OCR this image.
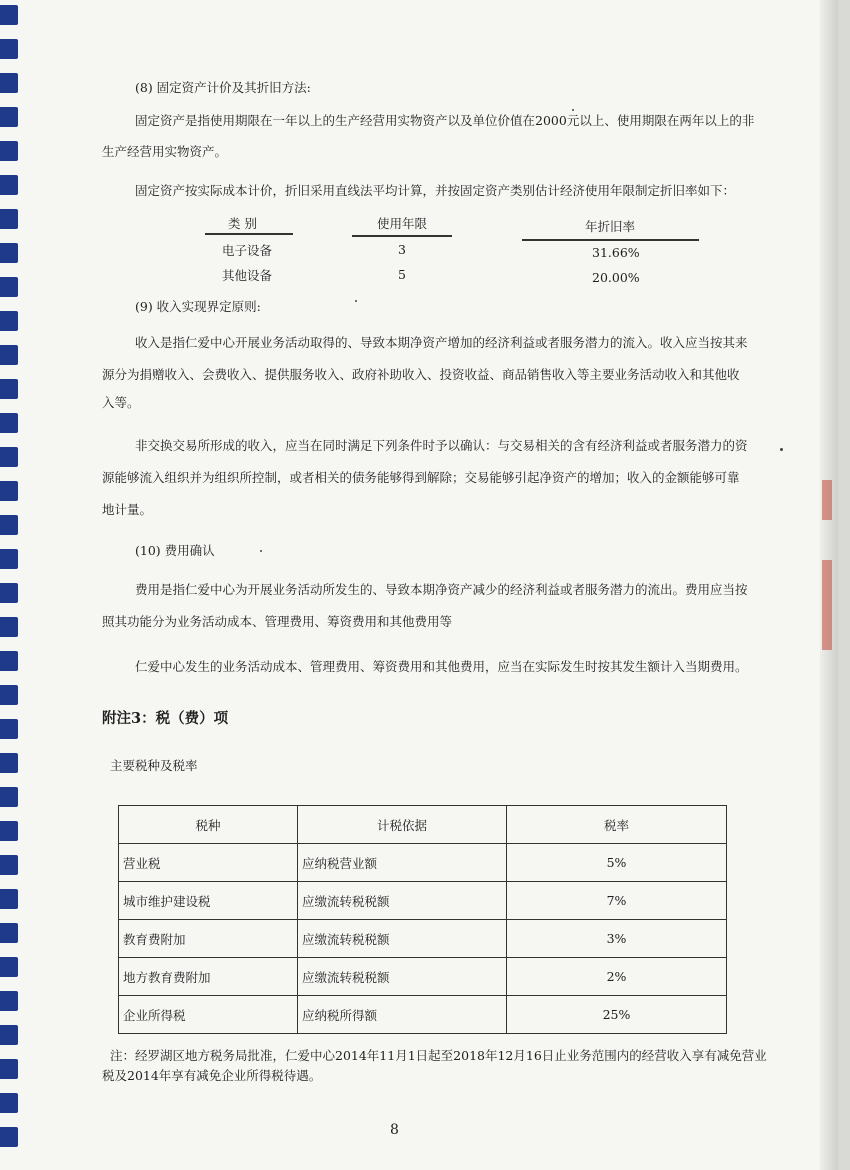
(8) 固定资产计价及其折旧方法:

固定资产是指使用期限在一年以上的生产经营用实物资产以及单位价值在2000元以上、使用期限在两年以上的非

生产经营用实物资产。

固定资产按实际成本计价，折旧采用直线法平均计算，并按固定资产类别估计经济使用年限制定折旧率如下：

类 别	使用年限	年折旧率
电子设备	3	31.66%
其他设备	5	20.00%

(9) 收入实现界定原则:

收入是指仁爱中心开展业务活动取得的、导致本期净资产增加的经济利益或者服务潜力的流入。收入应当按其来

源分为捐赠收入、会费收入、提供服务收入、政府补助收入、投资收益、商品销售收入等主要业务活动收入和其他收

入等。

非交换交易所形成的收入，应当在同时满足下列条件时予以确认：与交易相关的含有经济利益或者服务潜力的资

源能够流入组织并为组织所控制，或者相关的债务能够得到解除；交易能够引起净资产的增加；收入的金额能够可靠

地计量。

(10) 费用确认

费用是指仁爱中心为开展业务活动所发生的、导致本期净资产减少的经济利益或者服务潜力的流出。费用应当按

照其功能分为业务活动成本、管理费用、筹资费用和其他费用等

仁爱中心发生的业务活动成本、管理费用、筹资费用和其他费用，应当在实际发生时按其发生额计入当期费用。

附注3：税（费）项

主要税种及税率

税种	计税依据	税率
营业税	应纳税营业额	5%
城市维护建设税	应缴流转税税额	7%
教育费附加	应缴流转税税额	3%
地方教育费附加	应缴流转税税额	2%
企业所得税	应纳税所得额	25%

注：经罗湖区地方税务局批准，仁爱中心2014年11月1日起至2018年12月16日止业务范围内的经营收入享有减免营业

税及2014年享有减免企业所得税待遇。

8
